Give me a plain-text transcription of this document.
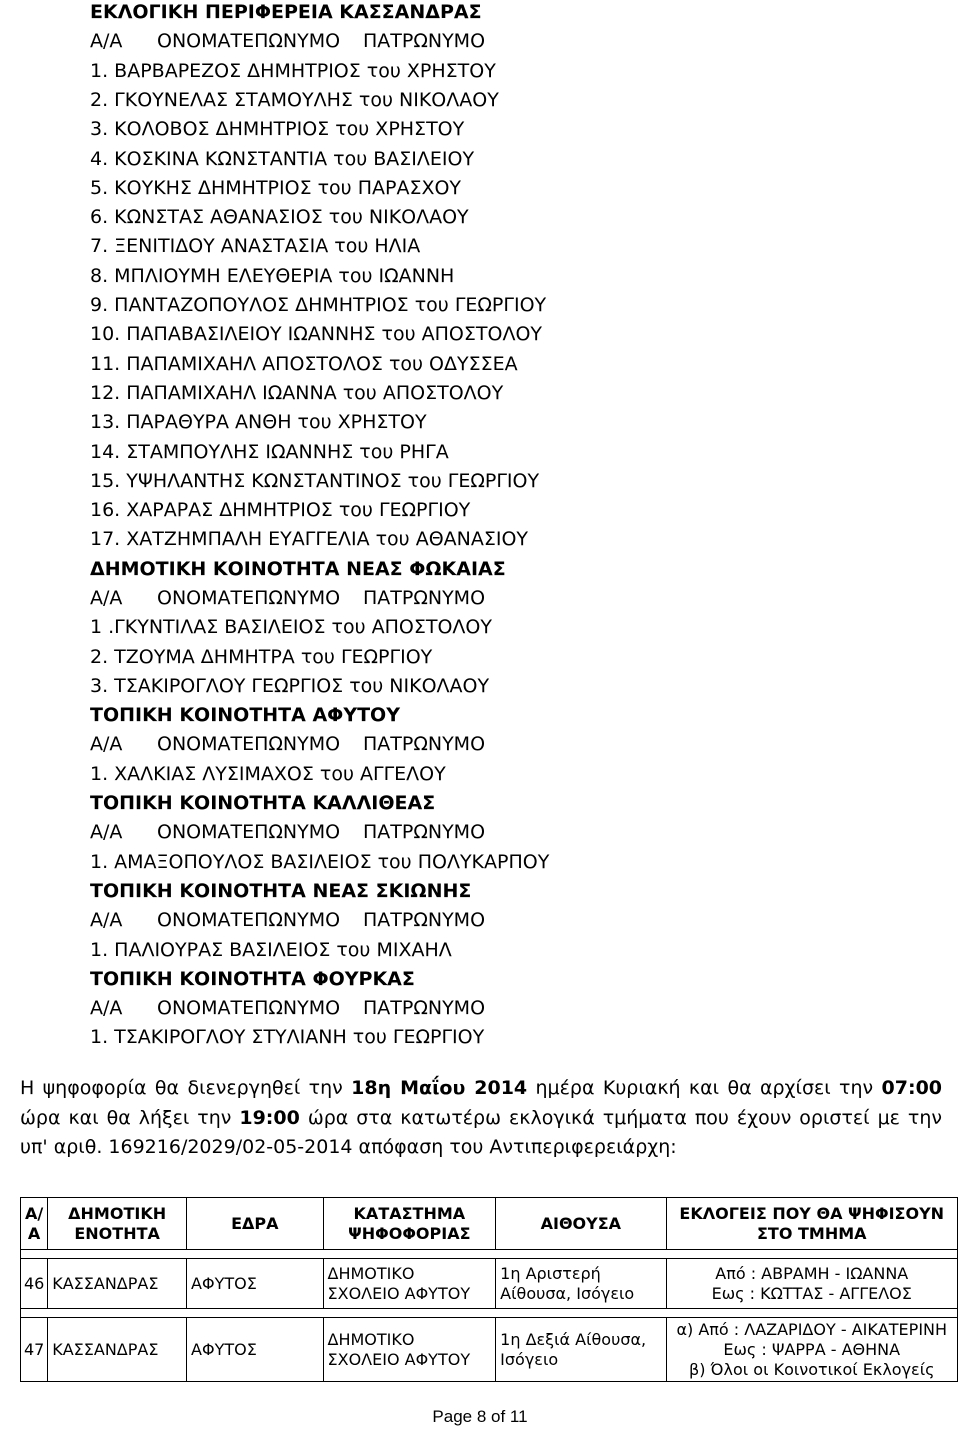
ΕΚΛΟΓΙΚΗ ΠΕΡΙΦΕΡΕΙΑ ΚΑΣΣΑΝΔΡΑΣ
Α/Α ΟΝΟΜΑΤΕΠΩΝΥΜΟ ΠΑΤΡΩΝΥΜΟ
1. ΒΑΡΒΑΡΕΖΟΣ ΔΗΜΗΤΡΙΟΣ του ΧΡΗΣΤΟΥ
2. ΓΚΟΥΝΕΛΑΣ ΣΤΑΜΟΥΛΗΣ του ΝΙΚΟΛΑΟΥ
3. ΚΟΛΟΒΟΣ ΔΗΜΗΤΡΙΟΣ του ΧΡΗΣΤΟΥ
4. ΚΟΣΚΙΝΑ ΚΩΝΣΤΑΝΤΙΑ του ΒΑΣΙΛΕΙΟΥ
5. ΚΟΥΚΗΣ ΔΗΜΗΤΡΙΟΣ του ΠΑΡΑΣΧΟΥ
6. ΚΩΝΣΤΑΣ ΑΘΑΝΑΣΙΟΣ του ΝΙΚΟΛΑΟΥ
7. ΞΕΝΙΤΙΔΟΥ ΑΝΑΣΤΑΣΙΑ του ΗΛΙΑ
8. ΜΠΛΙΟΥΜΗ ΕΛΕΥΘΕΡΙΑ του ΙΩΑΝΝΗ
9. ΠΑΝΤΑΖΟΠΟΥΛΟΣ ΔΗΜΗΤΡΙΟΣ του ΓΕΩΡΓΙΟΥ
10. ΠΑΠΑΒΑΣΙΛΕΙΟΥ ΙΩΑΝΝΗΣ του ΑΠΟΣΤΟΛΟΥ
11. ΠΑΠΑΜΙΧΑΗΛ ΑΠΟΣΤΟΛΟΣ του ΟΔΥΣΣΕΑ
12. ΠΑΠΑΜΙΧΑΗΛ ΙΩΑΝΝΑ του ΑΠΟΣΤΟΛΟΥ
13. ΠΑΡΑΘΥΡΑ ΑΝΘΗ του ΧΡΗΣΤΟΥ
14. ΣΤΑΜΠΟΥΛΗΣ ΙΩΑΝΝΗΣ του ΡΗΓΑ
15. ΥΨΗΛΑΝΤΗΣ ΚΩΝΣΤΑΝΤΙΝΟΣ του ΓΕΩΡΓΙΟΥ
16. ΧΑΡΑΡΑΣ ΔΗΜΗΤΡΙΟΣ του ΓΕΩΡΓΙΟΥ
17. ΧΑΤΖΗΜΠΑΛΗ ΕΥΑΓΓΕΛΙΑ του ΑΘΑΝΑΣΙΟΥ
ΔΗΜΟΤΙΚΗ ΚΟΙΝΟΤΗΤΑ ΝΕΑΣ ΦΩΚΑΙΑΣ
Α/Α ΟΝΟΜΑΤΕΠΩΝΥΜΟ ΠΑΤΡΩΝΥΜΟ
1 .ΓΚΥΝΤΙΛΑΣ ΒΑΣΙΛΕΙΟΣ του ΑΠΟΣΤΟΛΟΥ
2. ΤΖΟΥΜΑ ΔΗΜΗΤΡΑ του ΓΕΩΡΓΙΟΥ
3. ΤΣΑΚΙΡΟΓΛΟΥ ΓΕΩΡΓΙΟΣ του ΝΙΚΟΛΑΟΥ
ΤΟΠΙΚΗ ΚΟΙΝΟΤΗΤΑ ΑΦΥΤΟΥ
Α/Α ΟΝΟΜΑΤΕΠΩΝΥΜΟ ΠΑΤΡΩΝΥΜΟ
1. ΧΑΛΚΙΑΣ ΛΥΣΙΜΑΧΟΣ του ΑΓΓΕΛΟΥ
ΤΟΠΙΚΗ ΚΟΙΝΟΤΗΤΑ ΚΑΛΛΙΘΕΑΣ
Α/Α ΟΝΟΜΑΤΕΠΩΝΥΜΟ ΠΑΤΡΩΝΥΜΟ
1. ΑΜΑΞΟΠΟΥΛΟΣ ΒΑΣΙΛΕΙΟΣ του ΠΟΛΥΚΑΡΠΟΥ
ΤΟΠΙΚΗ ΚΟΙΝΟΤΗΤΑ ΝΕΑΣ ΣΚΙΩΝΗΣ
Α/Α ΟΝΟΜΑΤΕΠΩΝΥΜΟ ΠΑΤΡΩΝΥΜΟ
1. ΠΑΛΙΟΥΡΑΣ ΒΑΣΙΛΕΙΟΣ του ΜΙΧΑΗΛ
ΤΟΠΙΚΗ ΚΟΙΝΟΤΗΤΑ ΦΟΥΡΚΑΣ
Α/Α ΟΝΟΜΑΤΕΠΩΝΥΜΟ ΠΑΤΡΩΝΥΜΟ
1. ΤΣΑΚΙΡΟΓΛΟΥ ΣΤΥΛΙΑΝΗ του ΓΕΩΡΓΙΟΥ

Η ψηφοφορία θα διενεργηθεί την 18η Μαΐου 2014 ημέρα Κυριακή και θα αρχίσει την 07:00 ώρα και θα λήξει την 19:00 ώρα στα κατωτέρω εκλογικά τμήματα που έχουν οριστεί με την υπ' αριθ. 169216/2029/02-05-2014 απόφαση του Αντιπεριφερειάρχη:

Α/Α	ΔΗΜΟΤΙΚΗ ΕΝΟΤΗΤΑ	ΕΔΡΑ	ΚΑΤΑΣΤΗΜΑ ΨΗΦΟΦΟΡΙΑΣ	ΑΙΘΟΥΣΑ	ΕΚΛΟΓΕΙΣ ΠΟΥ ΘΑ ΨΗΦΙΣΟΥΝ ΣΤΟ ΤΜΗΜΑ

46	ΚΑΣΣΑΝΔΡΑΣ	ΑΦΥΤΟΣ	ΔΗΜΟΤΙΚΟ ΣΧΟΛΕΙΟ ΑΦΥΤΟΥ	1η Αριστερή Αίθουσα, Ισόγειο	Από : ΑΒΡΑΜΗ - ΙΩΑΝΝΑ
Εως : ΚΩΤΤΑΣ - ΑΓΓΕΛΟΣ

47	ΚΑΣΣΑΝΔΡΑΣ	ΑΦΥΤΟΣ	ΔΗΜΟΤΙΚΟ ΣΧΟΛΕΙΟ ΑΦΥΤΟΥ	1η Δεξιά Αίθουσα, Ισόγειο	α) Από : ΛΑΖΑΡΙΔΟΥ - ΑΙΚΑΤΕΡΙΝΗ
Εως : ΨΑΡΡΑ - ΑΘΗΝΑ
β) Όλοι οι Κοινοτικοί Εκλογείς
Page 8 of 11
